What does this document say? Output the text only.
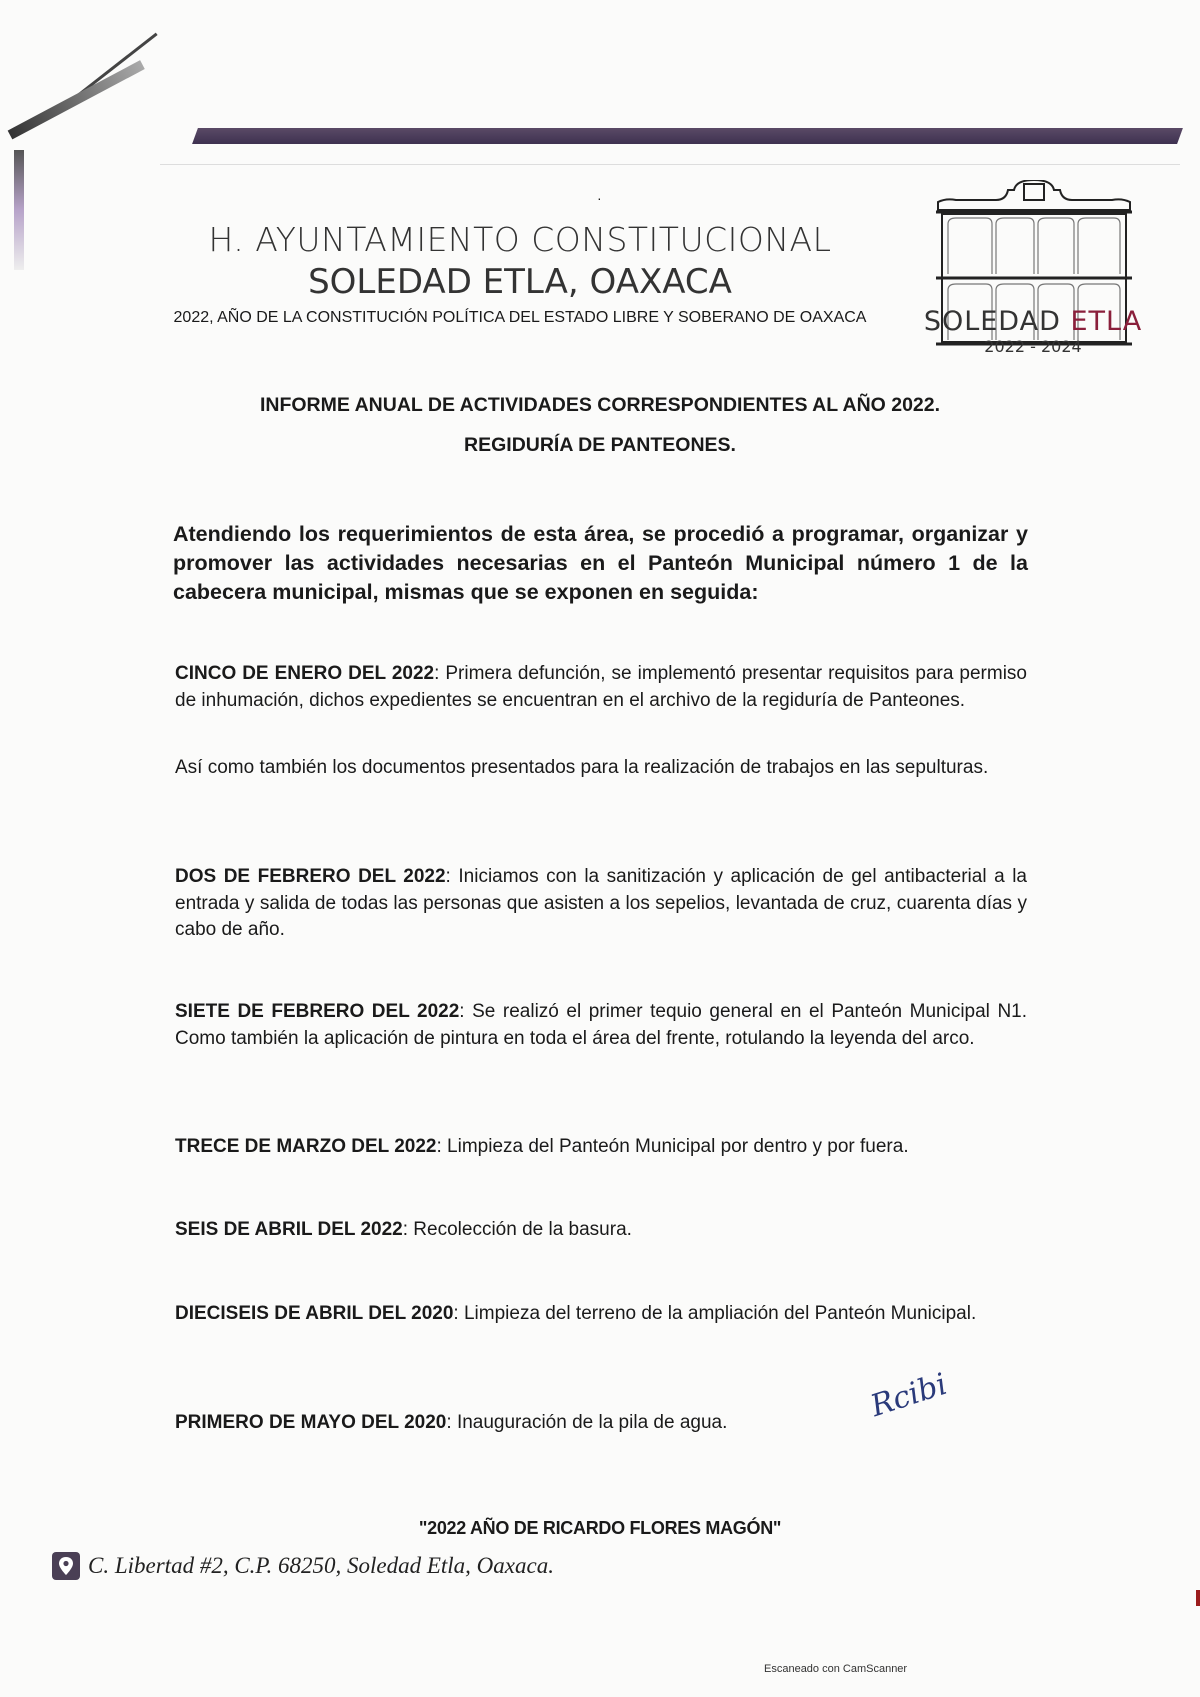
·
H. AYUNTAMIENTO CONSTITUCIONAL
SOLEDAD ETLA, OAXACA
2022, AÑO DE LA CONSTITUCIÓN POLÍTICA DEL ESTADO LIBRE Y SOBERANO DE OAXACA	SOLEDAD ETLA
2022 - 2024
INFORME ANUAL DE ACTIVIDADES CORRESPONDIENTES AL AÑO 2022.
REGIDURÍA DE PANTEONES.
Atendiendo los requerimientos de esta área, se procedió a programar, organizar y promover las actividades necesarias en el Panteón Municipal número 1 de la cabecera municipal, mismas que se exponen en seguida:
CINCO DE ENERO DEL 2022: Primera defunción, se implementó presentar requisitos para permiso de inhumación, dichos expedientes se encuentran en el archivo de la regiduría de Panteones.
Así como también los documentos presentados para la realización de trabajos en las sepulturas.
DOS DE FEBRERO DEL 2022: Iniciamos con la sanitización y aplicación de gel antibacterial a la entrada y salida de todas las personas que asisten a los sepelios, levantada de cruz, cuarenta días y cabo de año.
SIETE DE FEBRERO DEL 2022: Se realizó el primer tequio general en el Panteón Municipal N1. Como también la aplicación de pintura en toda el área del frente, rotulando la leyenda del arco.
TRECE DE MARZO DEL 2022: Limpieza del Panteón Municipal por dentro y por fuera.
SEIS DE ABRIL DEL 2022: Recolección de la basura.
DIECISEIS DE ABRIL DEL 2020: Limpieza del terreno de la ampliación del Panteón Municipal.
PRIMERO DE MAYO DEL 2020: Inauguración de la pila de agua.	Rcibi
"2022 AÑO DE RICARDO FLORES MAGÓN"
C. Libertad #2, C.P. 68250, Soledad Etla, Oaxaca.
Escaneado con CamScanner
